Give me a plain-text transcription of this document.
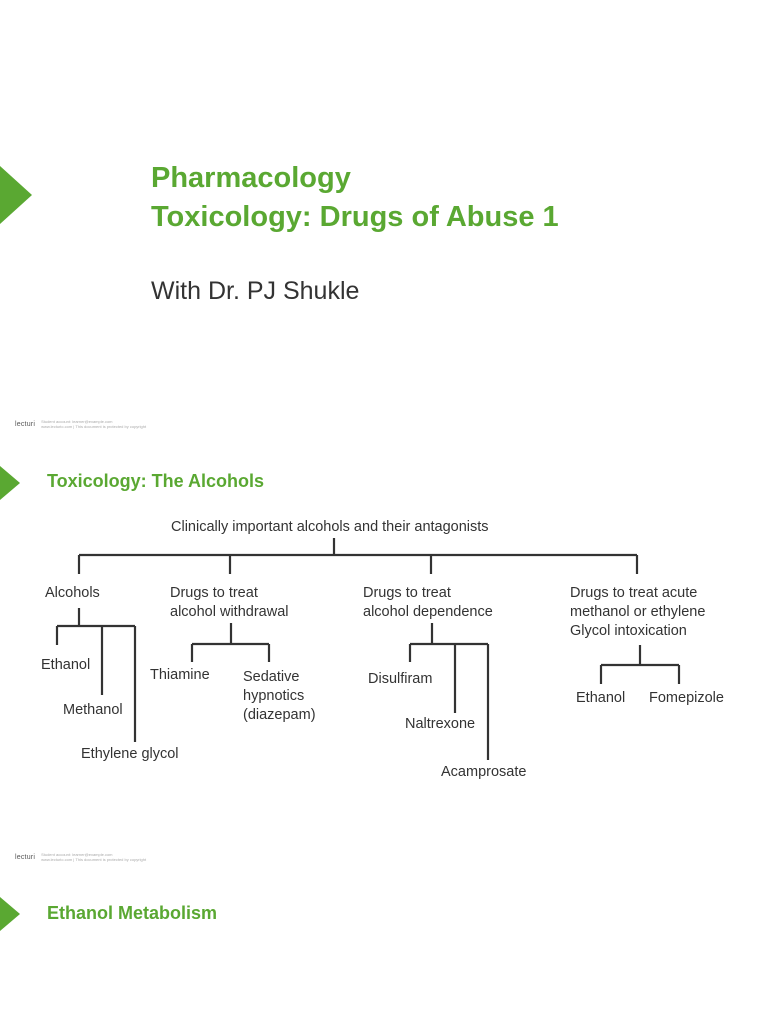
Pharmacology
Toxicology: Drugs of Abuse 1
With Dr. PJ Shukle
lecturi Student account: learner@example.com
www.lecturio.com | This document is protected by copyright
Toxicology: The Alcohols
Clinically important alcohols and their antagonists
Alcohols
Ethanol
Methanol
Ethylene glycol
Drugs to treat
alcohol withdrawal
Thiamine Sedative
hypnotics
(diazepam)
Drugs to treat
alcohol dependence
Disulfiram
Naltrexone
Acamprosate
Drugs to treat acute
methanol or ethylene
Glycol intoxication
Ethanol Fomepizole
lecturi Student account: learner@example.com
www.lecturio.com | This document is protected by copyright
Ethanol Metabolism
